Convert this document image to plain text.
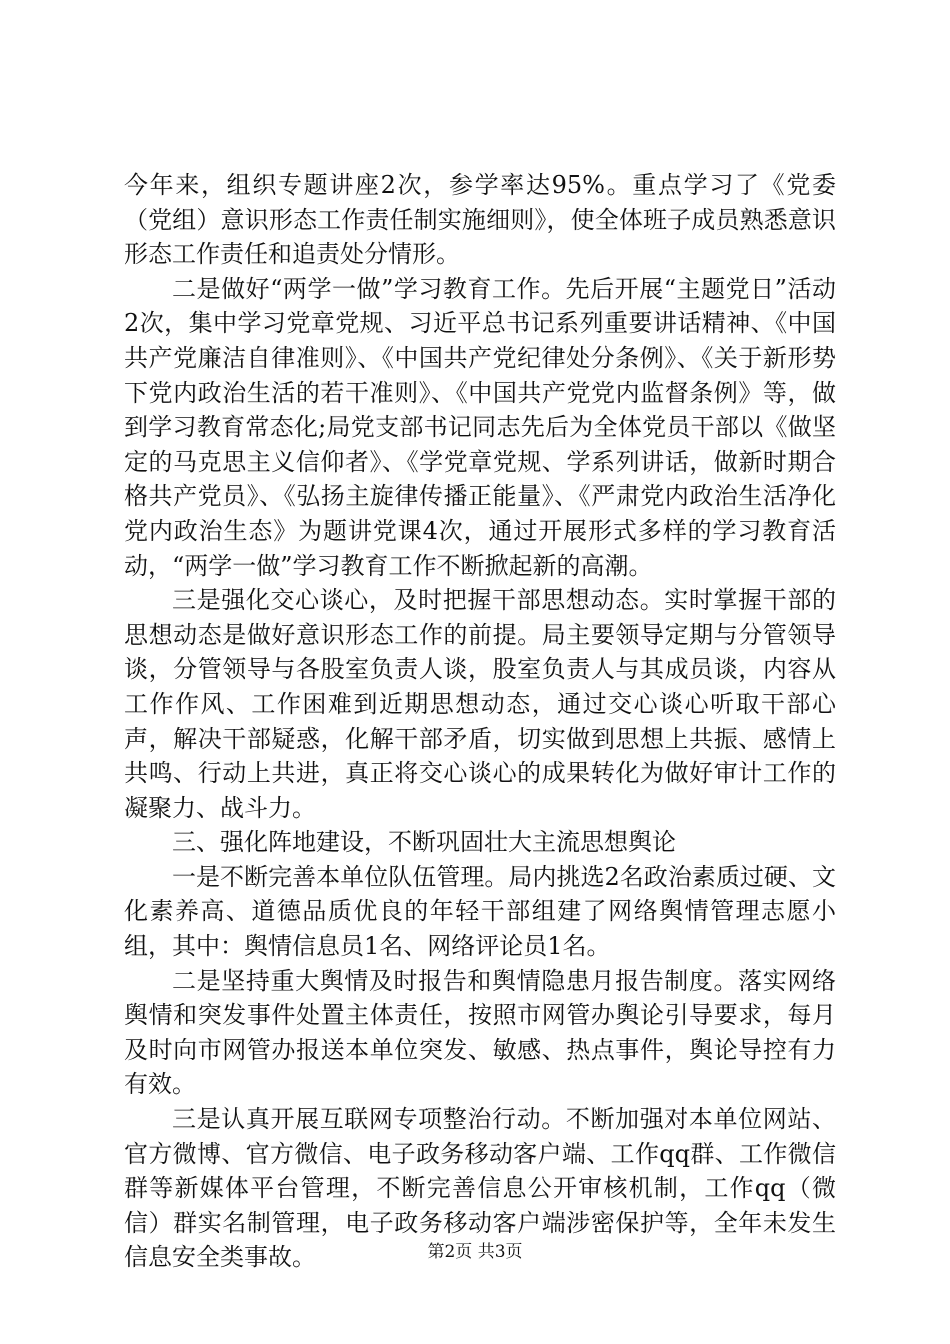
今年来，组织专题讲座2次，参学率达95%。重点学习了《党委（党组）意识形态工作责任制实施细则》，使全体班子成员熟悉意识形态工作责任和追责处分情形。

二是做好“两学一做”学习教育工作。先后开展“主题党日”活动2次，集中学习党章党规、习近平总书记系列重要讲话精神、《中国共产党廉洁自律准则》、《中国共产党纪律处分条例》、《关于新形势下党内政治生活的若干准则》、《中国共产党党内监督条例》等，做到学习教育常态化;局党支部书记同志先后为全体党员干部以《做坚定的马克思主义信仰者》、《学党章党规、学系列讲话，做新时期合格共产党员》、《弘扬主旋律传播正能量》、《严肃党内政治生活净化党内政治生态》为题讲党课4次，通过开展形式多样的学习教育活动，“两学一做”学习教育工作不断掀起新的高潮。

三是强化交心谈心，及时把握干部思想动态。实时掌握干部的思想动态是做好意识形态工作的前提。局主要领导定期与分管领导谈，分管领导与各股室负责人谈，股室负责人与其成员谈，内容从工作作风、工作困难到近期思想动态，通过交心谈心听取干部心声，解决干部疑惑，化解干部矛盾，切实做到思想上共振、感情上共鸣、行动上共进，真正将交心谈心的成果转化为做好审计工作的凝聚力、战斗力。

三、强化阵地建设，不断巩固壮大主流思想舆论

一是不断完善本单位队伍管理。局内挑选2名政治素质过硬、文化素养高、道德品质优良的年轻干部组建了网络舆情管理志愿小组，其中：舆情信息员1名、网络评论员1名。

二是坚持重大舆情及时报告和舆情隐患月报告制度。落实网络舆情和突发事件处置主体责任，按照市网管办舆论引导要求，每月及时向市网管办报送本单位突发、敏感、热点事件，舆论导控有力有效。

三是认真开展互联网专项整治行动。不断加强对本单位网站、官方微博、官方微信、电子政务移动客户端、工作qq群、工作微信群等新媒体平台管理，不断完善信息公开审核机制，工作qq（微信）群实名制管理，电子政务移动客户端涉密保护等，全年未发生信息安全类事故。	第2页 共3页
